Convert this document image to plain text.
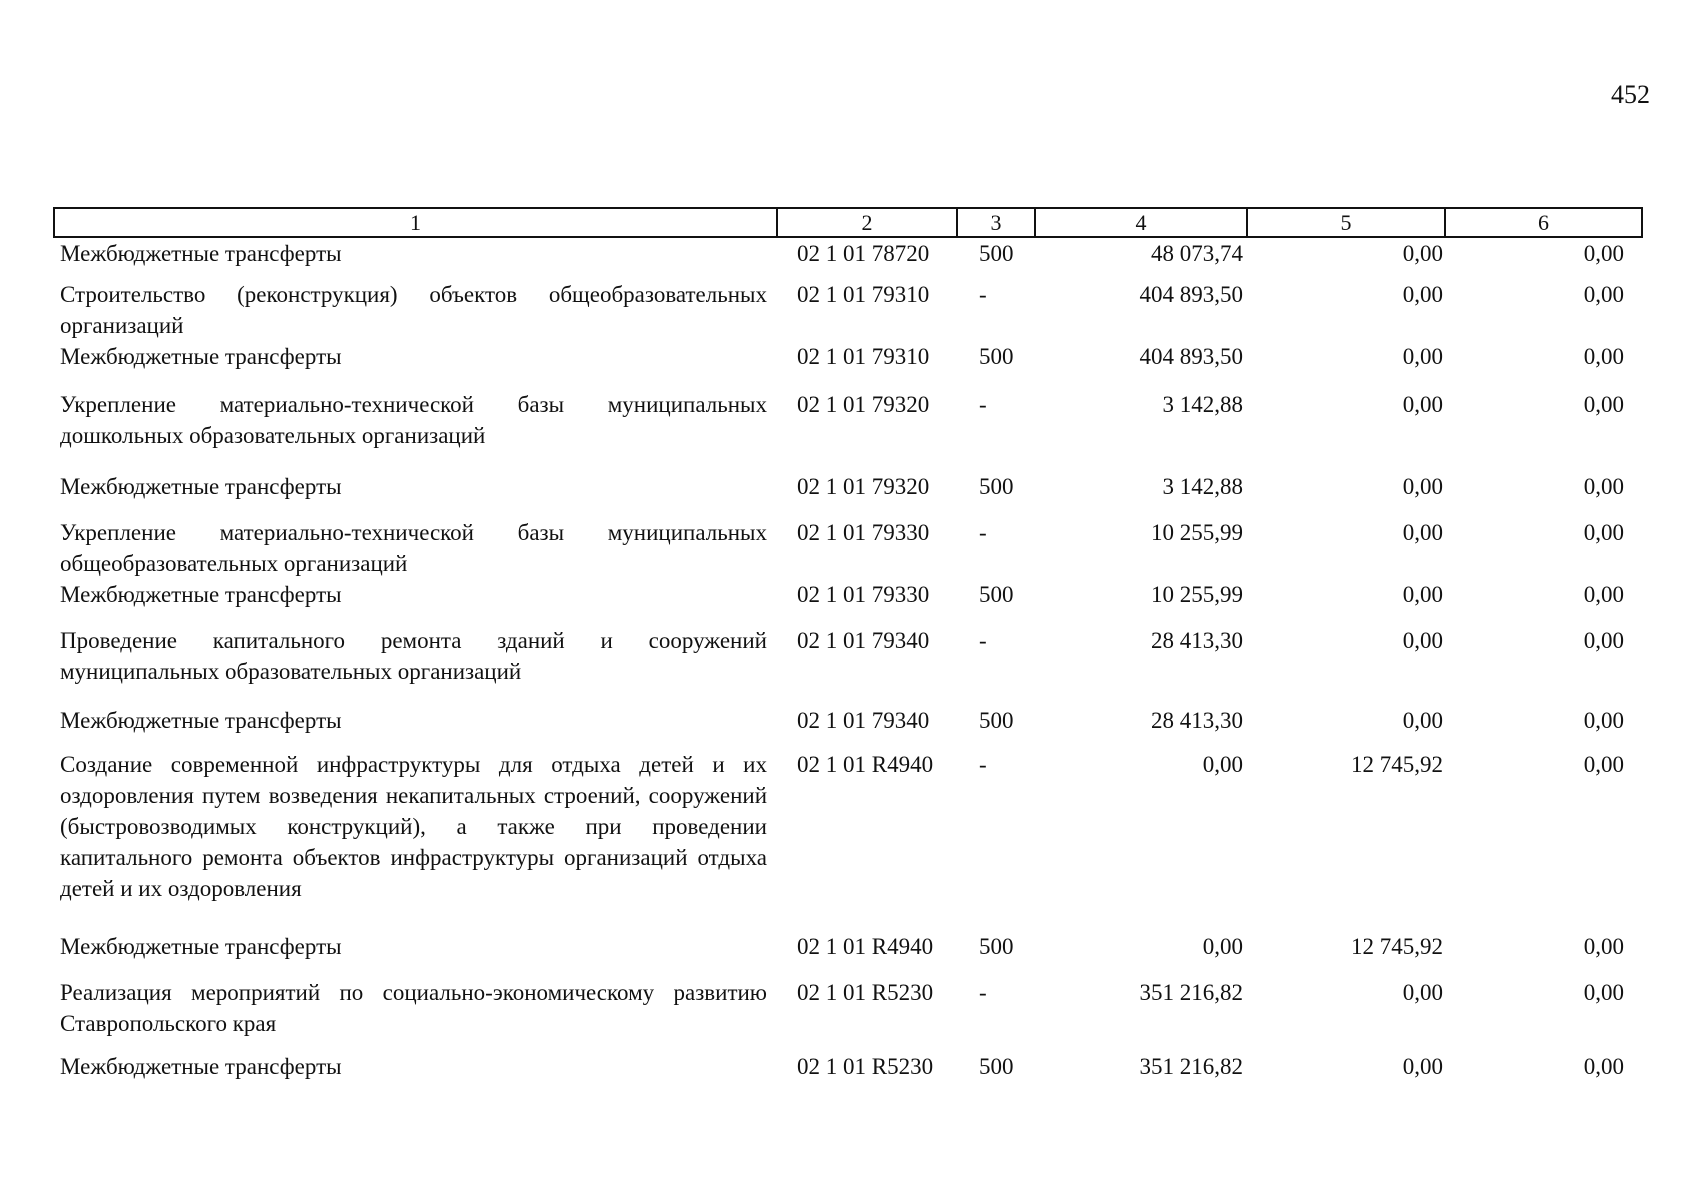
452
1	2	3	4	5	6
Межбюджетные трансферты	02 1 01 78720	500	48 073,74	0,00	0,00
Строительство (реконструкция) объектов общеобразовательных организаций	02 1 01 79310	-	404 893,50	0,00	0,00
Межбюджетные трансферты	02 1 01 79310	500	404 893,50	0,00	0,00
Укрепление материально-технической базы муниципальных дошкольных образовательных организаций	02 1 01 79320	-	3 142,88	0,00	0,00
Межбюджетные трансферты	02 1 01 79320	500	3 142,88	0,00	0,00
Укрепление материально-технической базы муниципальных общеобразовательных организаций	02 1 01 79330	-	10 255,99	0,00	0,00
Межбюджетные трансферты	02 1 01 79330	500	10 255,99	0,00	0,00
Проведение капитального ремонта зданий и сооружений муниципальных образовательных организаций	02 1 01 79340	-	28 413,30	0,00	0,00
Межбюджетные трансферты	02 1 01 79340	500	28 413,30	0,00	0,00
Создание современной инфраструктуры для отдыха детей и их оздоровления путем возведения некапитальных строений, сооружений (быстровозводимых конструкций), а также при проведении капитального ремонта объектов инфраструктуры организаций отдыха детей и их оздоровления	02 1 01 R4940	-	0,00	12 745,92	0,00
Межбюджетные трансферты	02 1 01 R4940	500	0,00	12 745,92	0,00
Реализация мероприятий по социально-экономическому развитию Ставропольского края	02 1 01 R5230	-	351 216,82	0,00	0,00
Межбюджетные трансферты	02 1 01 R5230	500	351 216,82	0,00	0,00
